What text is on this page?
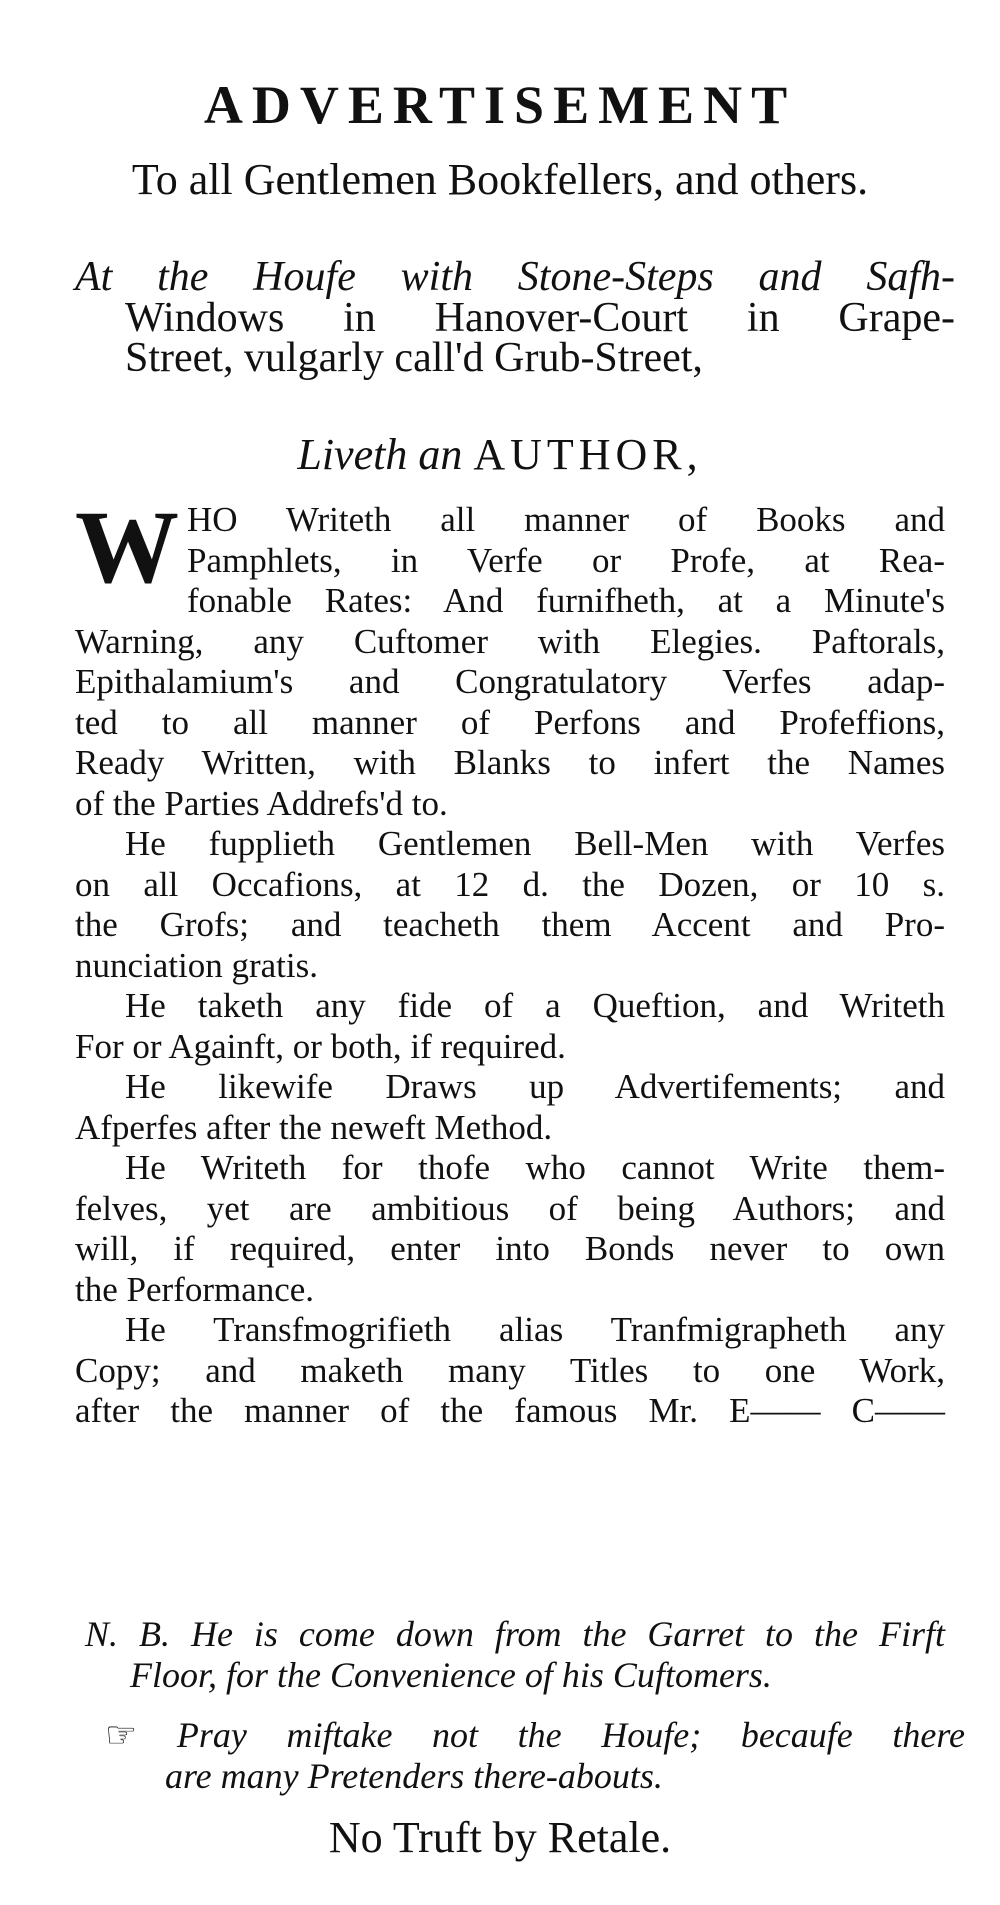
ADVERTISEMENT
To all Gentlemen Bookfellers, and others.
At the Houfe with Stone-Steps and Safh-
Windows in Hanover-Court in Grape-
Street, vulgarly call'd Grub-Street,
Liveth an AUTHOR,
W HO Writeth all manner of Books and
Pamphlets, in Verfe or Profe, at Rea-
fonable Rates: And furnifheth, at a Minute's
Warning, any Cuftomer with Elegies. Paftorals,
Epithalamium's and Congratulatory Verfes adap-
ted to all manner of Perfons and Profeffions,
Ready Written, with Blanks to infert the Names
of the Parties Addrefs'd to.
He fupplieth Gentlemen Bell-Men with Verfes
on all Occafions, at 12 d. the Dozen, or 10 s.
the Grofs; and teacheth them Accent and Pro-
nunciation gratis.
He taketh any fide of a Queftion, and Writeth
For or Againft, or both, if required.
He likewife Draws up Advertifements; and
Afperfes after the neweft Method.
He Writeth for thofe who cannot Write them-
felves, yet are ambitious of being Authors; and
will, if required, enter into Bonds never to own
the Performance.
He Transfmogrifieth alias Tranfmigrapheth any
Copy; and maketh many Titles to one Work,
after the manner of the famous Mr. E—— C——
N. B. He is come down from the Garret to the Firft
Floor, for the Convenience of his Cuftomers.
☞ Pray miftake not the Houfe; becaufe there
are many Pretenders there-abouts.
No Truft by Retale.
